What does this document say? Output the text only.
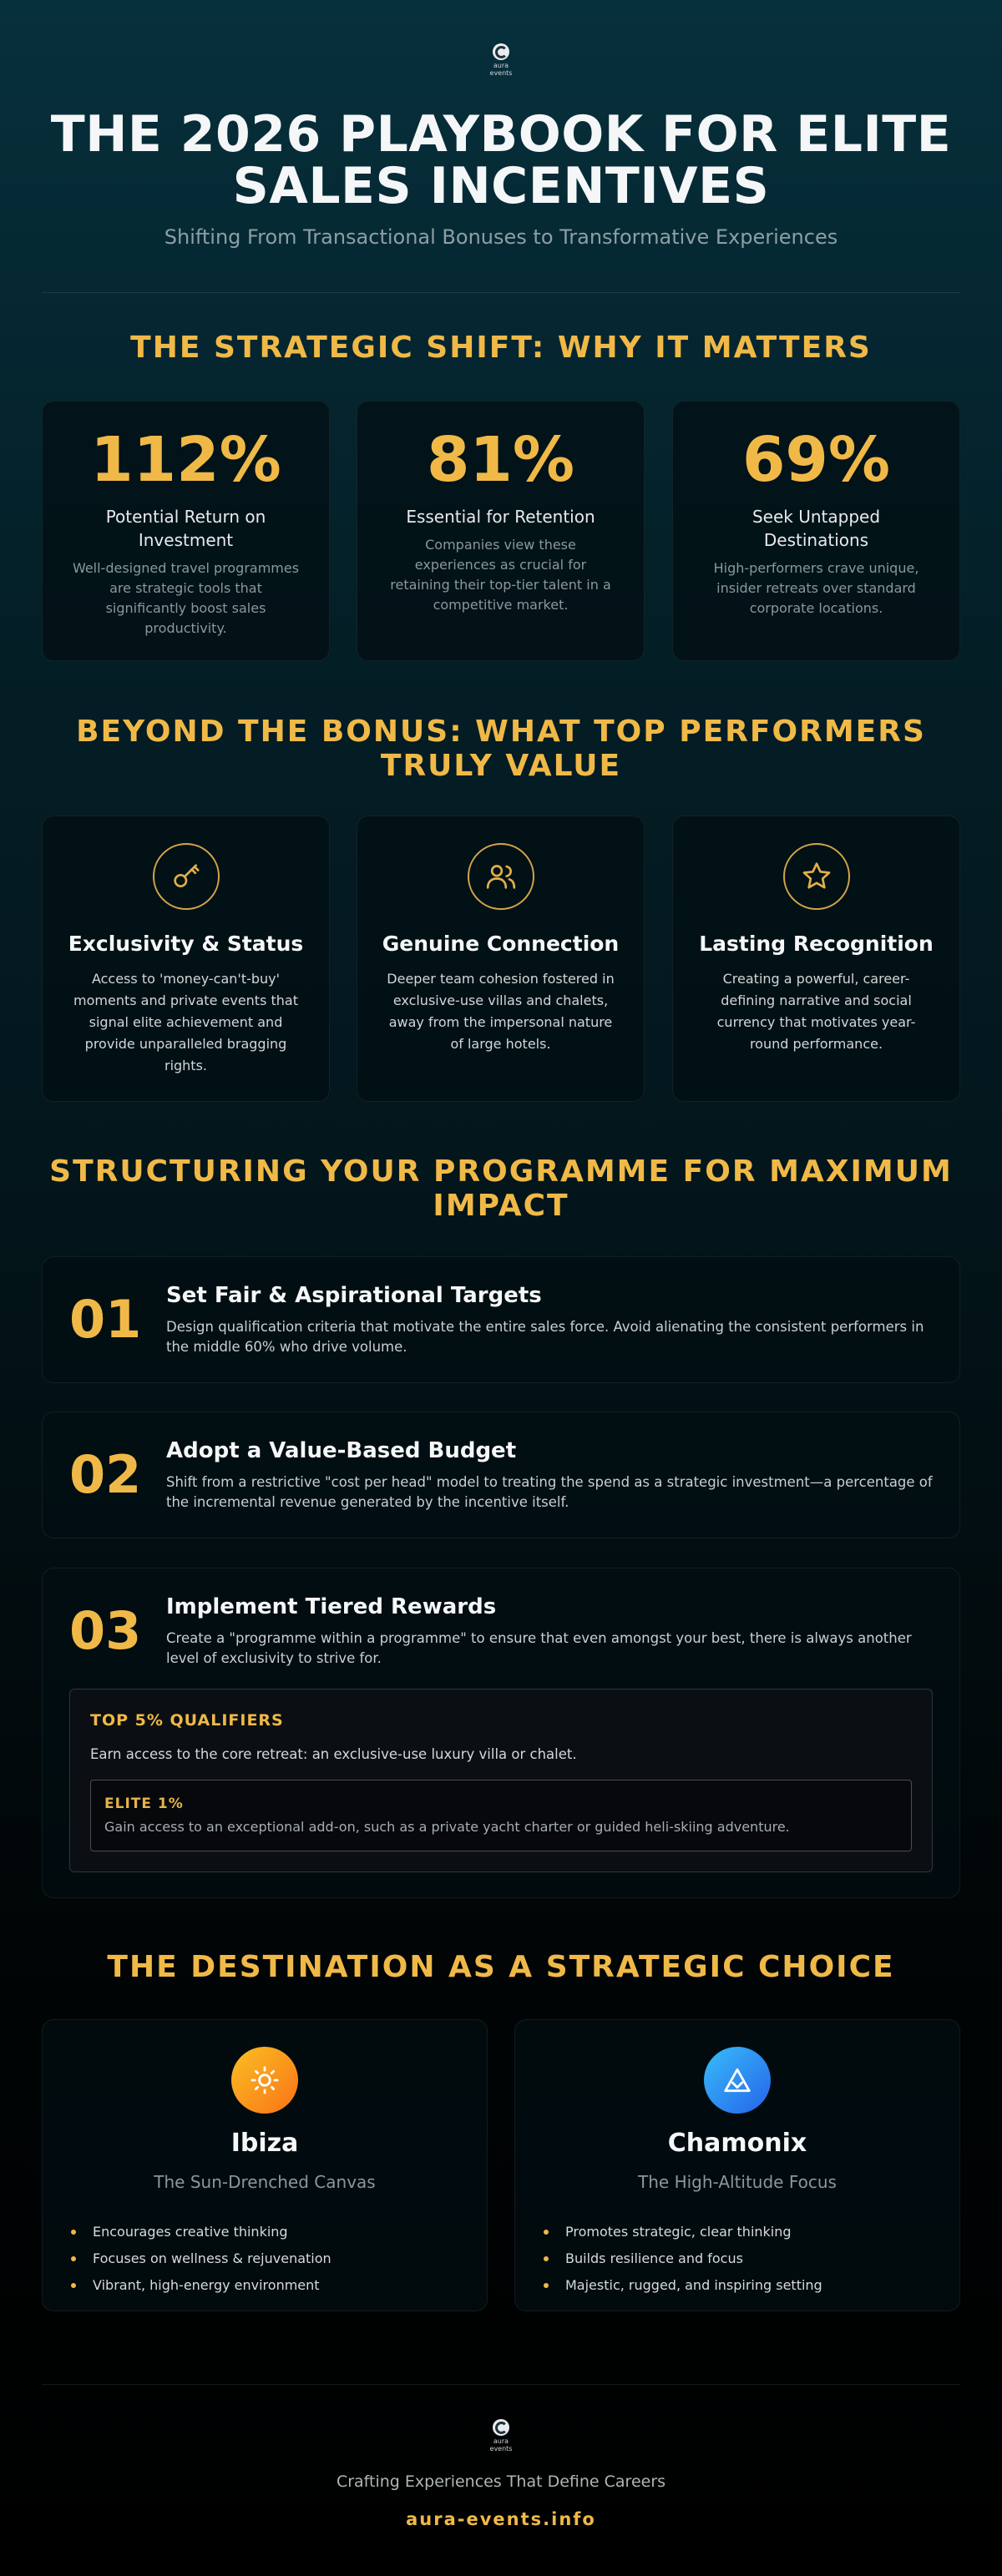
aura events
THE 2026 PLAYBOOK FOR ELITE SALES INCENTIVES
Shifting From Transactional Bonuses to Transformative Experiences
THE STRATEGIC SHIFT: WHY IT MATTERS
112%
Potential Return on Investment
Well-designed travel programmes are strategic tools that significantly boost sales productivity.
81%
Essential for Retention
Companies view these experiences as crucial for retaining their top-tier talent in a competitive market.
69%
Seek Untapped Destinations
High-performers crave unique, insider retreats over standard corporate locations.
BEYOND THE BONUS: WHAT TOP PERFORMERS TRULY VALUE
Exclusivity & Status
Access to 'money-can't-buy' moments and private events that signal elite achievement and provide unparalleled bragging rights.
Genuine Connection
Deeper team cohesion fostered in exclusive-use villas and chalets, away from the impersonal nature of large hotels.
Lasting Recognition
Creating a powerful, career-defining narrative and social currency that motivates year-round performance.
STRUCTURING YOUR PROGRAMME FOR MAXIMUM IMPACT
01 Set Fair & Aspirational Targets
Design qualification criteria that motivate the entire sales force. Avoid alienating the consistent performers in the middle 60% who drive volume.
02 Adopt a Value-Based Budget
Shift from a restrictive "cost per head" model to treating the spend as a strategic investment—a percentage of the incremental revenue generated by the incentive itself.
03 Implement Tiered Rewards
Create a "programme within a programme" to ensure that even amongst your best, there is always another level of exclusivity to strive for.
TOP 5% QUALIFIERS
Earn access to the core retreat: an exclusive-use luxury villa or chalet.
ELITE 1%
Gain access to an exceptional add-on, such as a private yacht charter or guided heli-skiing adventure.
THE DESTINATION AS A STRATEGIC CHOICE
Ibiza
The Sun-Drenched Canvas
Encourages creative thinking
Focuses on wellness & rejuvenation
Vibrant, high-energy environment
Chamonix
The High-Altitude Focus
Promotes strategic, clear thinking
Builds resilience and focus
Majestic, rugged, and inspiring setting
aura events
Crafting Experiences That Define Careers
aura-events.info
